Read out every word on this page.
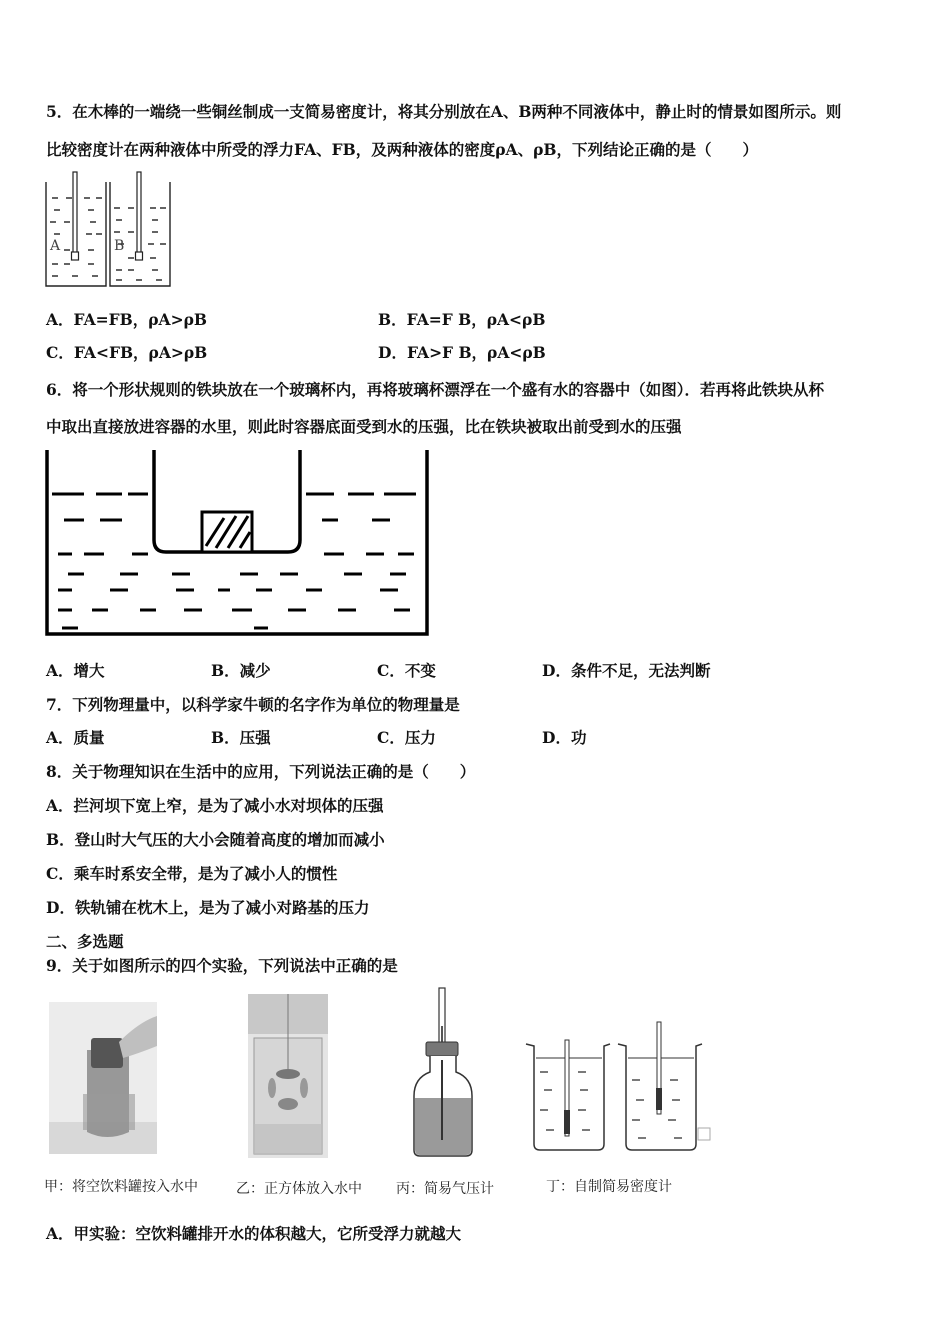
5．在木棒的一端绕一些铜丝制成一支简易密度计，将其分别放在A、B两种不同液体中，静止时的情景如图所示。则
比较密度计在两种液体中所受的浮力FA、FB，及两种液体的密度ρA、ρB，下列结论正确的是（　　）
A	B
A．FA=FB，ρA>ρB	B．FA=F B，ρA<ρB
C．FA<FB，ρA>ρB	D．FA>F B，ρA<ρB
6．将一个形状规则的铁块放在一个玻璃杯内，再将玻璃杯漂浮在一个盛有水的容器中（如图）．若再将此铁块从杯
中取出直接放进容器的水里，则此时容器底面受到水的压强，比在铁块被取出前受到水的压强
A．增大	B．减少	C．不变	D．条件不足，无法判断
7．下列物理量中，以科学家牛顿的名字作为单位的物理量是
A．质量	B．压强	C．压力	D．功
8．关于物理知识在生活中的应用，下列说法正确的是（　　）
A．拦河坝下宽上窄，是为了减小水对坝体的压强
B．登山时大气压的大小会随着高度的增加而减小
C．乘车时系安全带，是为了减小人的惯性
D．铁轨铺在枕木上，是为了减小对路基的压力
二、多选题
9．关于如图所示的四个实验，下列说法中正确的是
甲：将空饮料罐按入水中	乙：正方体放入水中 丙：简易气压计	丁：自制简易密度计
A．甲实验：空饮料罐排开水的体积越大，它所受浮力就越大
